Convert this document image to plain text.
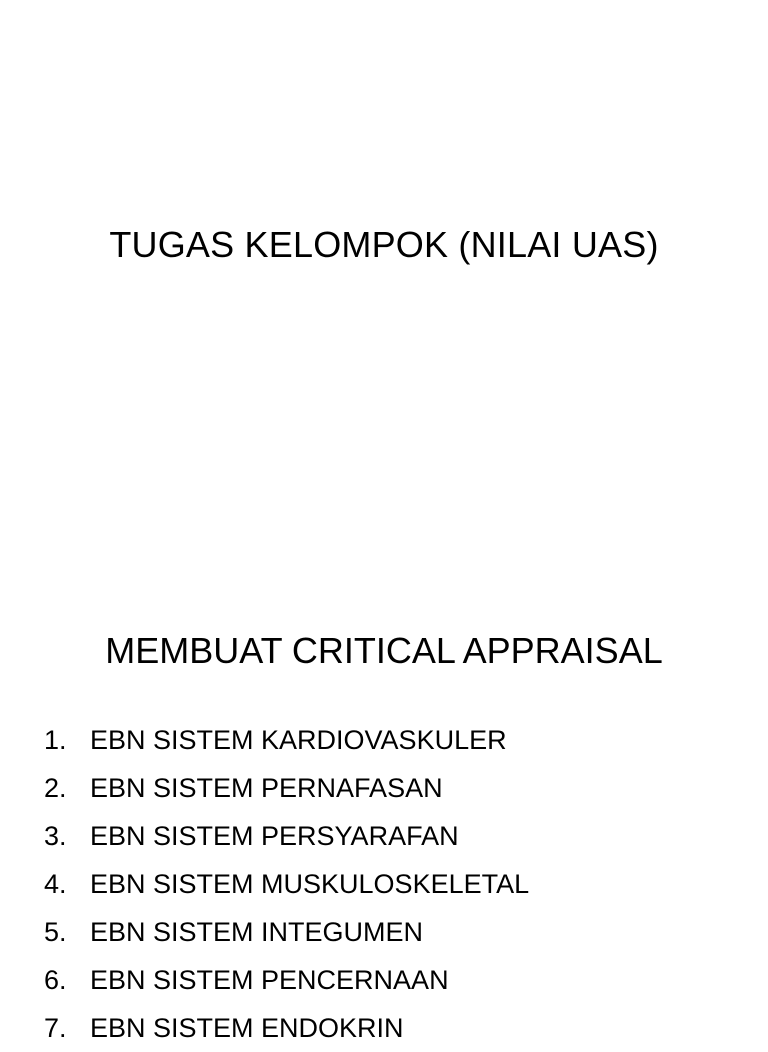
TUGAS KELOMPOK (NILAI UAS)
MEMBUAT CRITICAL APPRAISAL
1. EBN SISTEM KARDIOVASKULER
2. EBN SISTEM PERNAFASAN
3. EBN SISTEM PERSYARAFAN
4. EBN SISTEM MUSKULOSKELETAL
5. EBN SISTEM INTEGUMEN
6. EBN SISTEM PENCERNAAN
7. EBN SISTEM ENDOKRIN
